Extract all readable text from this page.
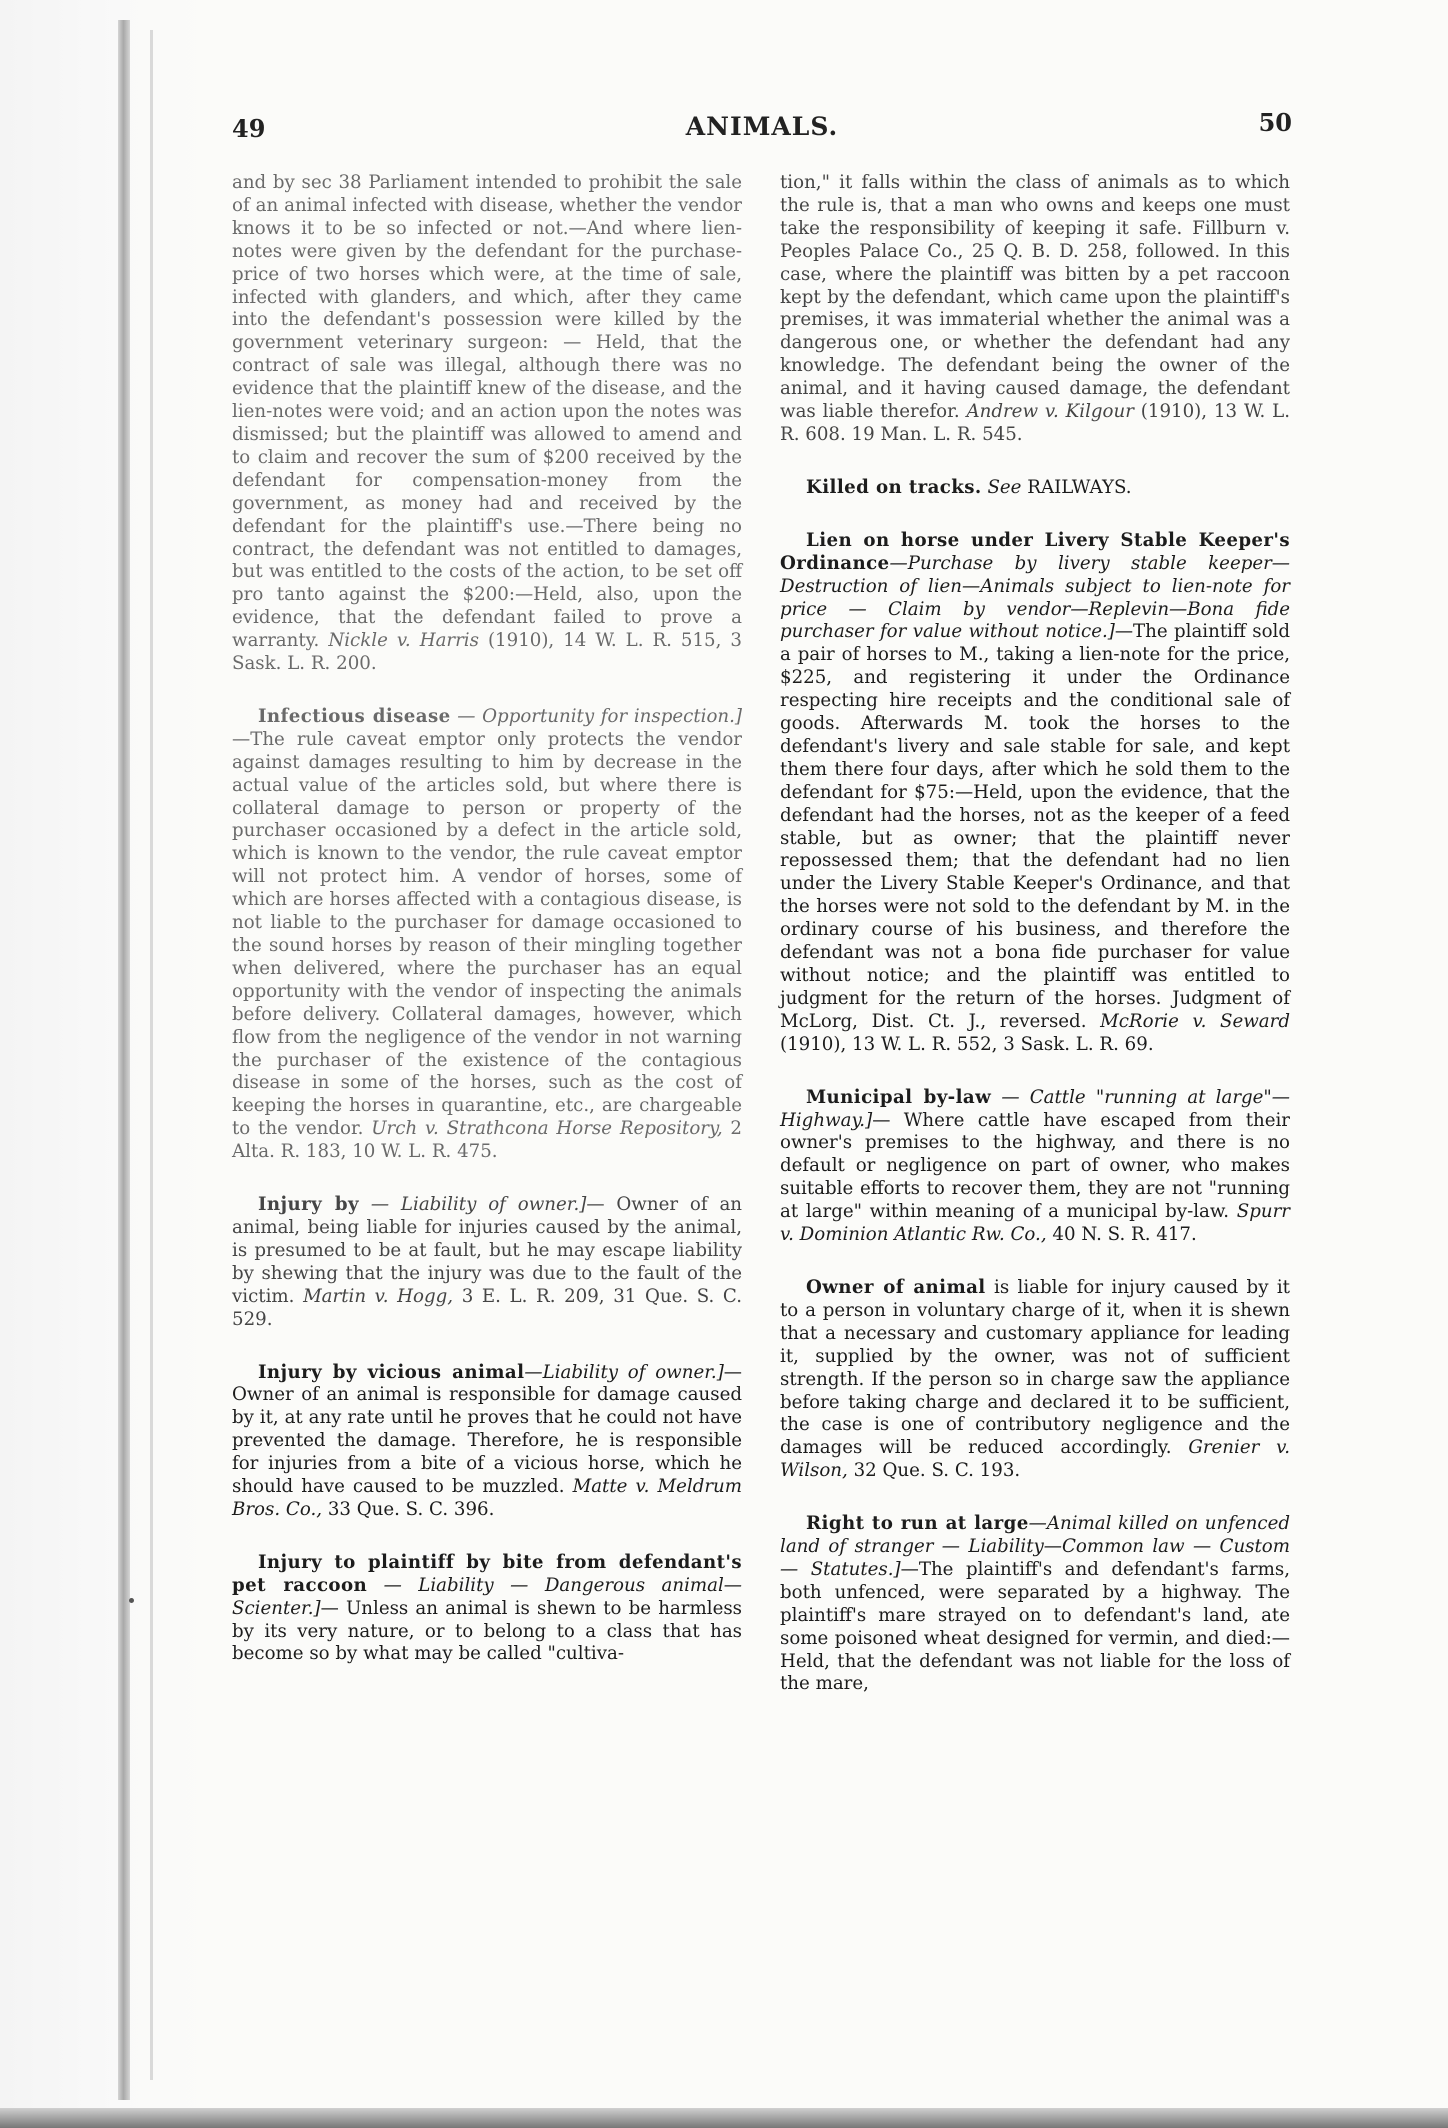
49	ANIMALS.	50

and by sec 38 Parliament intended to prohibit the sale of an animal infected with disease, whether the vendor knows it to be so infected or not.—And where lien-notes were given by the defendant for the purchase-price of two horses which were, at the time of sale, infected with glanders, and which, after they came into the defendant's possession were killed by the government veterinary surgeon: — Held, that the contract of sale was illegal, although there was no evidence that the plaintiff knew of the disease, and the lien-notes were void; and an action upon the notes was dismissed; but the plaintiff was allowed to amend and to claim and recover the sum of $200 received by the defendant for compensation-money from the government, as money had and received by the defendant for the plaintiff's use.—There being no contract, the defendant was not entitled to damages, but was entitled to the costs of the action, to be set off pro tanto against the $200:—Held, also, upon the evidence, that the defendant failed to prove a warranty. Nickle v. Harris (1910), 14 W. L. R. 515, 3 Sask. L. R. 200.

Infectious disease — Opportunity for inspection.]—The rule caveat emptor only protects the vendor against damages resulting to him by decrease in the actual value of the articles sold, but where there is collateral damage to person or property of the purchaser occasioned by a defect in the article sold, which is known to the vendor, the rule caveat emptor will not protect him. A vendor of horses, some of which are horses affected with a contagious disease, is not liable to the purchaser for damage occasioned to the sound horses by reason of their mingling together when delivered, where the purchaser has an equal opportunity with the vendor of inspecting the animals before delivery. Collateral damages, however, which flow from the negligence of the vendor in not warning the purchaser of the existence of the contagious disease in some of the horses, such as the cost of keeping the horses in quarantine, etc., are chargeable to the vendor. Urch v. Strathcona Horse Repository, 2 Alta. R. 183, 10 W. L. R. 475.

Injury by — Liability of owner.]— Owner of an animal, being liable for injuries caused by the animal, is presumed to be at fault, but he may escape liability by shewing that the injury was due to the fault of the victim. Martin v. Hogg, 3 E. L. R. 209, 31 Que. S. C. 529.

Injury by vicious animal—Liability of owner.]—Owner of an animal is responsible for damage caused by it, at any rate until he proves that he could not have prevented the damage. Therefore, he is responsible for injuries from a bite of a vicious horse, which he should have caused to be muzzled. Matte v. Meldrum Bros. Co., 33 Que. S. C. 396.

Injury to plaintiff by bite from defendant's pet raccoon — Liability — Dangerous animal—Scienter.]— Unless an animal is shewn to be harmless by its very nature, or to belong to a class that has become so by what may be called "cultiva-

tion," it falls within the class of animals as to which the rule is, that a man who owns and keeps one must take the responsibility of keeping it safe. Fillburn v. Peoples Palace Co., 25 Q. B. D. 258, followed. In this case, where the plaintiff was bitten by a pet raccoon kept by the defendant, which came upon the plaintiff's premises, it was immaterial whether the animal was a dangerous one, or whether the defendant had any knowledge. The defendant being the owner of the animal, and it having caused damage, the defendant was liable therefor. Andrew v. Kilgour (1910), 13 W. L. R. 608. 19 Man. L. R. 545.

Killed on tracks. See RAILWAYS.

Lien on horse under Livery Stable Keeper's Ordinance—Purchase by livery stable keeper—Destruction of lien—Animals subject to lien-note for price — Claim by vendor—Replevin—Bona fide purchaser for value without notice.]—The plaintiff sold a pair of horses to M., taking a lien-note for the price, $225, and registering it under the Ordinance respecting hire receipts and the conditional sale of goods. Afterwards M. took the horses to the defendant's livery and sale stable for sale, and kept them there four days, after which he sold them to the defendant for $75:—Held, upon the evidence, that the defendant had the horses, not as the keeper of a feed stable, but as owner; that the plaintiff never repossessed them; that the defendant had no lien under the Livery Stable Keeper's Ordinance, and that the horses were not sold to the defendant by M. in the ordinary course of his business, and therefore the defendant was not a bona fide purchaser for value without notice; and the plaintiff was entitled to judgment for the return of the horses. Judgment of McLorg, Dist. Ct. J., reversed. McRorie v. Seward (1910), 13 W. L. R. 552, 3 Sask. L. R. 69.

Municipal by-law — Cattle "running at large"—Highway.]— Where cattle have escaped from their owner's premises to the highway, and there is no default or negligence on part of owner, who makes suitable efforts to recover them, they are not "running at large" within meaning of a municipal by-law. Spurr v. Dominion Atlantic Rw. Co., 40 N. S. R. 417.

Owner of animal is liable for injury caused by it to a person in voluntary charge of it, when it is shewn that a necessary and customary appliance for leading it, supplied by the owner, was not of sufficient strength. If the person so in charge saw the appliance before taking charge and declared it to be sufficient, the case is one of contributory negligence and the damages will be reduced accordingly. Grenier v. Wilson, 32 Que. S. C. 193.

Right to run at large—Animal killed on unfenced land of stranger — Liability—Common law — Custom — Statutes.]—The plaintiff's and defendant's farms, both unfenced, were separated by a highway. The plaintiff's mare strayed on to defendant's land, ate some poisoned wheat designed for vermin, and died:—Held, that the defendant was not liable for the loss of the mare,
